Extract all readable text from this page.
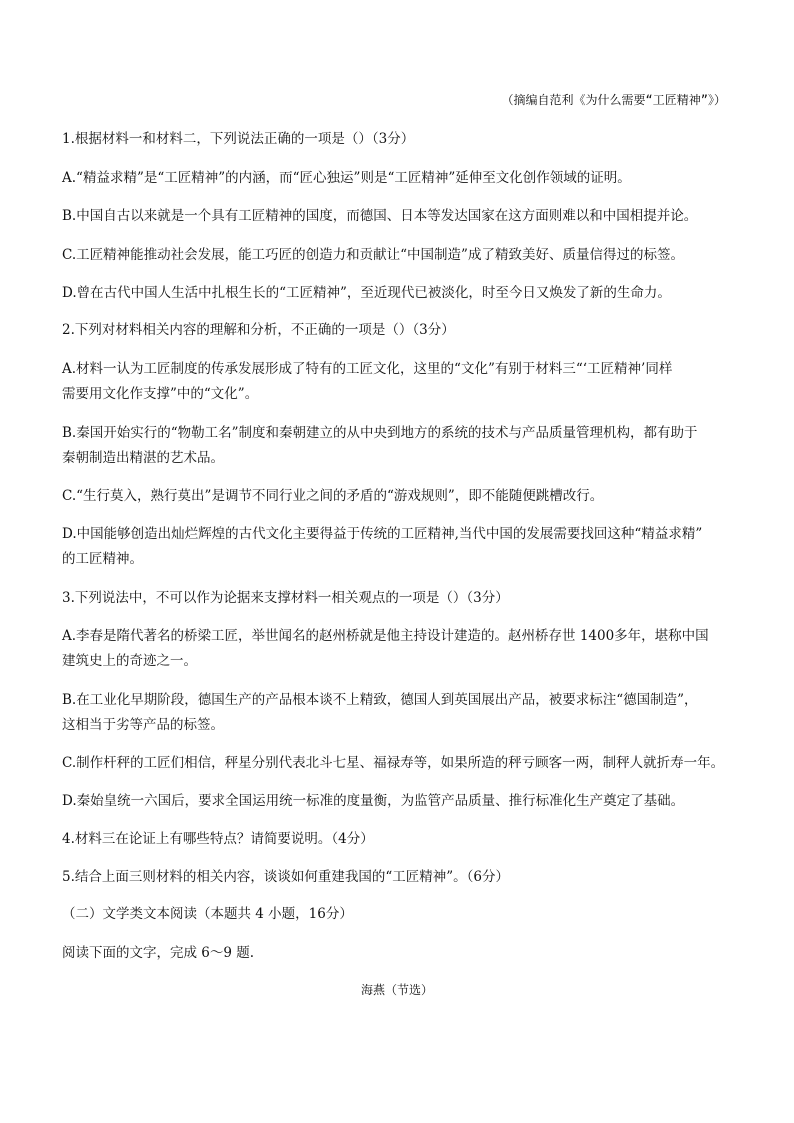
（摘编自范利《为什么需要“工匠精神”》）
1.根据材料一和材料二，下列说法正确的一项是（）（3分）
A.“精益求精”是“工匠精神”的内涵，而“匠心独运”则是“工匠精神”延伸至文化创作领域的证明。
B.中国自古以来就是一个具有工匠精神的国度，而德国、日本等发达国家在这方面则难以和中国相提并论。
C.工匠精神能推动社会发展，能工巧匠的创造力和贡献让“中国制造”成了精致美好、质量信得过的标签。
D.曾在古代中国人生活中扎根生长的“工匠精神”，至近现代已被淡化，时至今日又焕发了新的生命力。
2.下列对材料相关内容的理解和分析，不正确的一项是（）（3分）
A.材料一认为工匠制度的传承发展形成了特有的工匠文化，这里的“文化”有别于材料三“‘工匠精神’同样
需要用文化作支撑”中的“文化”。
B.秦国开始实行的“物勒工名”制度和秦朝建立的从中央到地方的系统的技术与产品质量管理机构，都有助于
秦朝制造出精湛的艺术品。
C.“生行莫入，熟行莫出”是调节不同行业之间的矛盾的“游戏规则”，即不能随便跳槽改行。
D.中国能够创造出灿烂辉煌的古代文化主要得益于传统的工匠精神,当代中国的发展需要找回这种“精益求精”
的工匠精神。
3.下列说法中，不可以作为论据来支撑材料一相关观点的一项是（）（3分）
A.李春是隋代著名的桥梁工匠，举世闻名的赵州桥就是他主持设计建造的。赵州桥存世 1400多年，堪称中国
建筑史上的奇迹之一。
B.在工业化早期阶段，德国生产的产品根本谈不上精致，德国人到英国展出产品，被要求标注“德国制造”，
这相当于劣等产品的标签。
C.制作杆秤的工匠们相信，秤星分别代表北斗七星、福禄寿等，如果所造的秤亏顾客一两，制秤人就折寿一年。
D.秦始皇统一六国后，要求全国运用统一标准的度量衡，为监管产品质量、推行标准化生产奠定了基础。
4.材料三在论证上有哪些特点？请简要说明。（4分）
5.结合上面三则材料的相关内容，谈谈如何重建我国的“工匠精神”。（6分）
（二）文学类文本阅读（本题共 4 小题，16分）
阅读下面的文字，完成 6～9 题.
海燕（节选）
